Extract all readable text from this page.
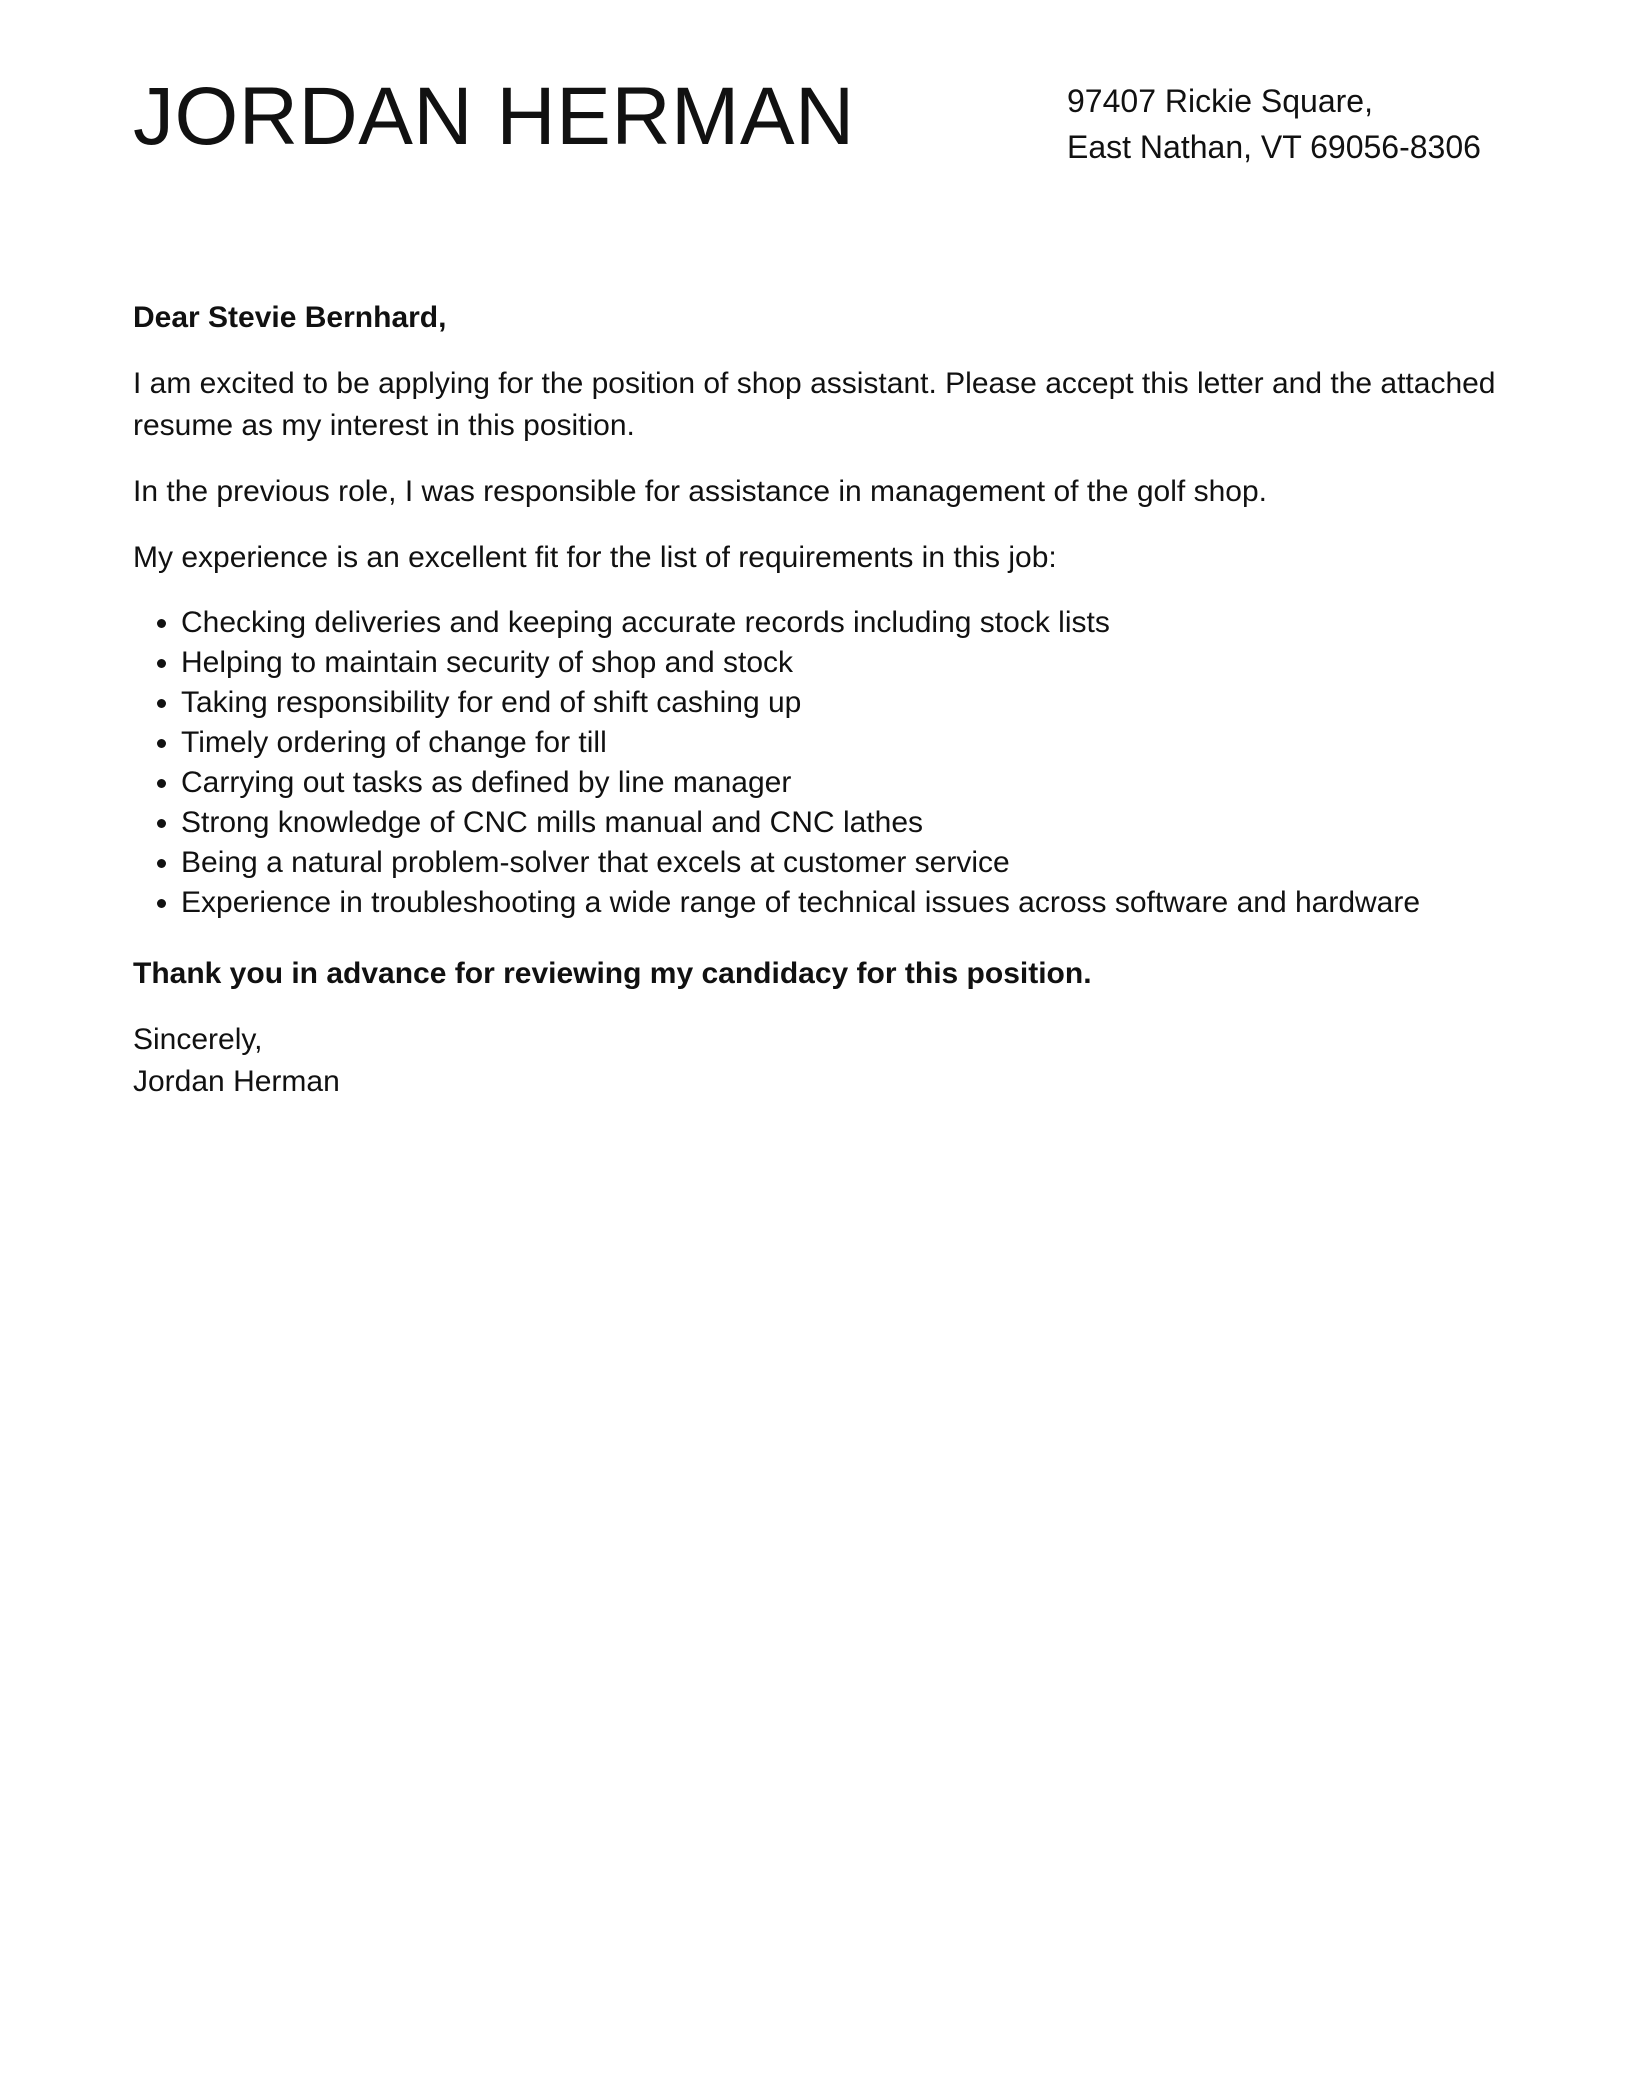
JORDAN HERMAN	97407 Rickie Square,
East Nathan, VT 69056-8306

Dear Stevie Bernhard,

I am excited to be applying for the position of shop assistant. Please accept this letter and the attached resume as my interest in this position.

In the previous role, I was responsible for assistance in management of the golf shop.

My experience is an excellent fit for the list of requirements in this job:

• Checking deliveries and keeping accurate records including stock lists
• Helping to maintain security of shop and stock
• Taking responsibility for end of shift cashing up
• Timely ordering of change for till
• Carrying out tasks as defined by line manager
• Strong knowledge of CNC mills manual and CNC lathes
• Being a natural problem-solver that excels at customer service
• Experience in troubleshooting a wide range of technical issues across software and hardware

Thank you in advance for reviewing my candidacy for this position.

Sincerely,
Jordan Herman
